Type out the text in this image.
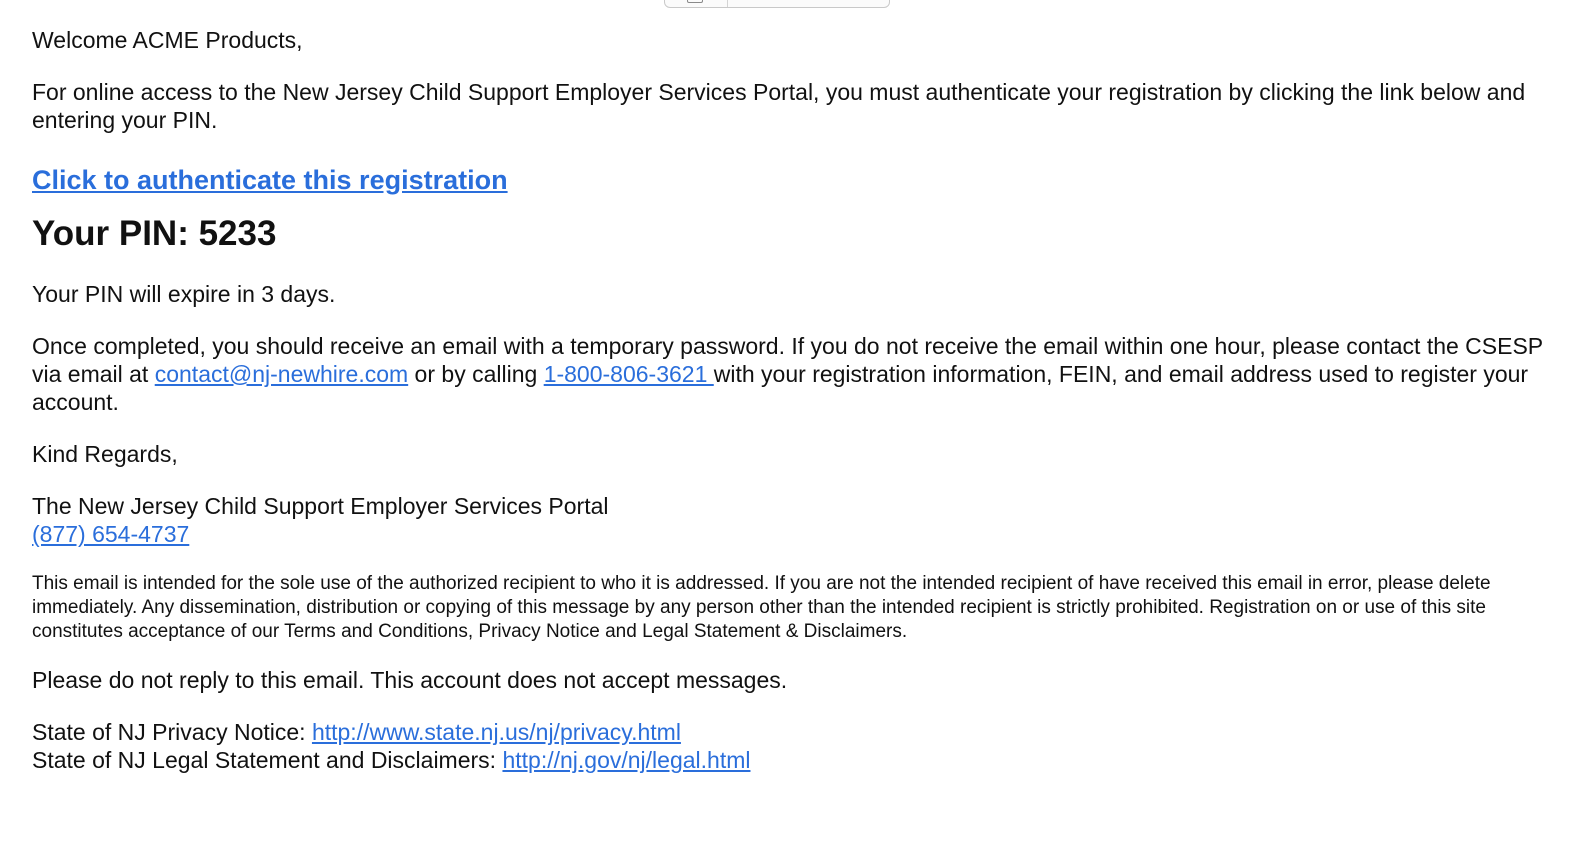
Welcome ACME Products,

For online access to the New Jersey Child Support Employer Services Portal, you must authenticate your registration by clicking the link below and entering your PIN.

Click to authenticate this registration
Your PIN: 5233

Your PIN will expire in 3 days.

Once completed, you should receive an email with a temporary password. If you do not receive the email within one hour, please contact the CSESP via email at contact@nj-newhire.com or by calling 1-800-806-3621 with your registration information, FEIN, and email address used to register your account.

Kind Regards,

The New Jersey Child Support Employer Services Portal
(877) 654-4737

This email is intended for the sole use of the authorized recipient to who it is addressed. If you are not the intended recipient of have received this email in error, please delete immediately. Any dissemination, distribution or copying of this message by any person other than the intended recipient is strictly prohibited. Registration on or use of this site constitutes acceptance of our Terms and Conditions, Privacy Notice and Legal Statement & Disclaimers.

Please do not reply to this email. This account does not accept messages.

State of NJ Privacy Notice: http://www.state.nj.us/nj/privacy.html
State of NJ Legal Statement and Disclaimers: http://nj.gov/nj/legal.html
